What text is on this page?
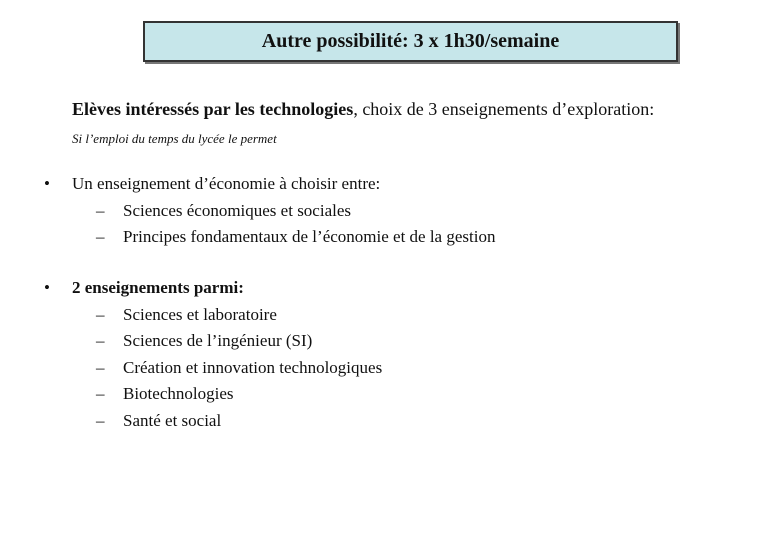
Autre possibilité: 3 x 1h30/semaine
Elèves intéressés par les technologies, choix de 3 enseignements d’exploration:
Si l’emploi du temps du lycée le permet
•	Un enseignement d’économie à choisir entre:
–	Sciences économiques et sociales
–	Principes fondamentaux de l’économie et de la gestion
•	2 enseignements parmi:
–	Sciences et laboratoire
–	Sciences de l’ingénieur (SI)
–	Création et innovation technologiques
–	Biotechnologies
–	Santé et social
